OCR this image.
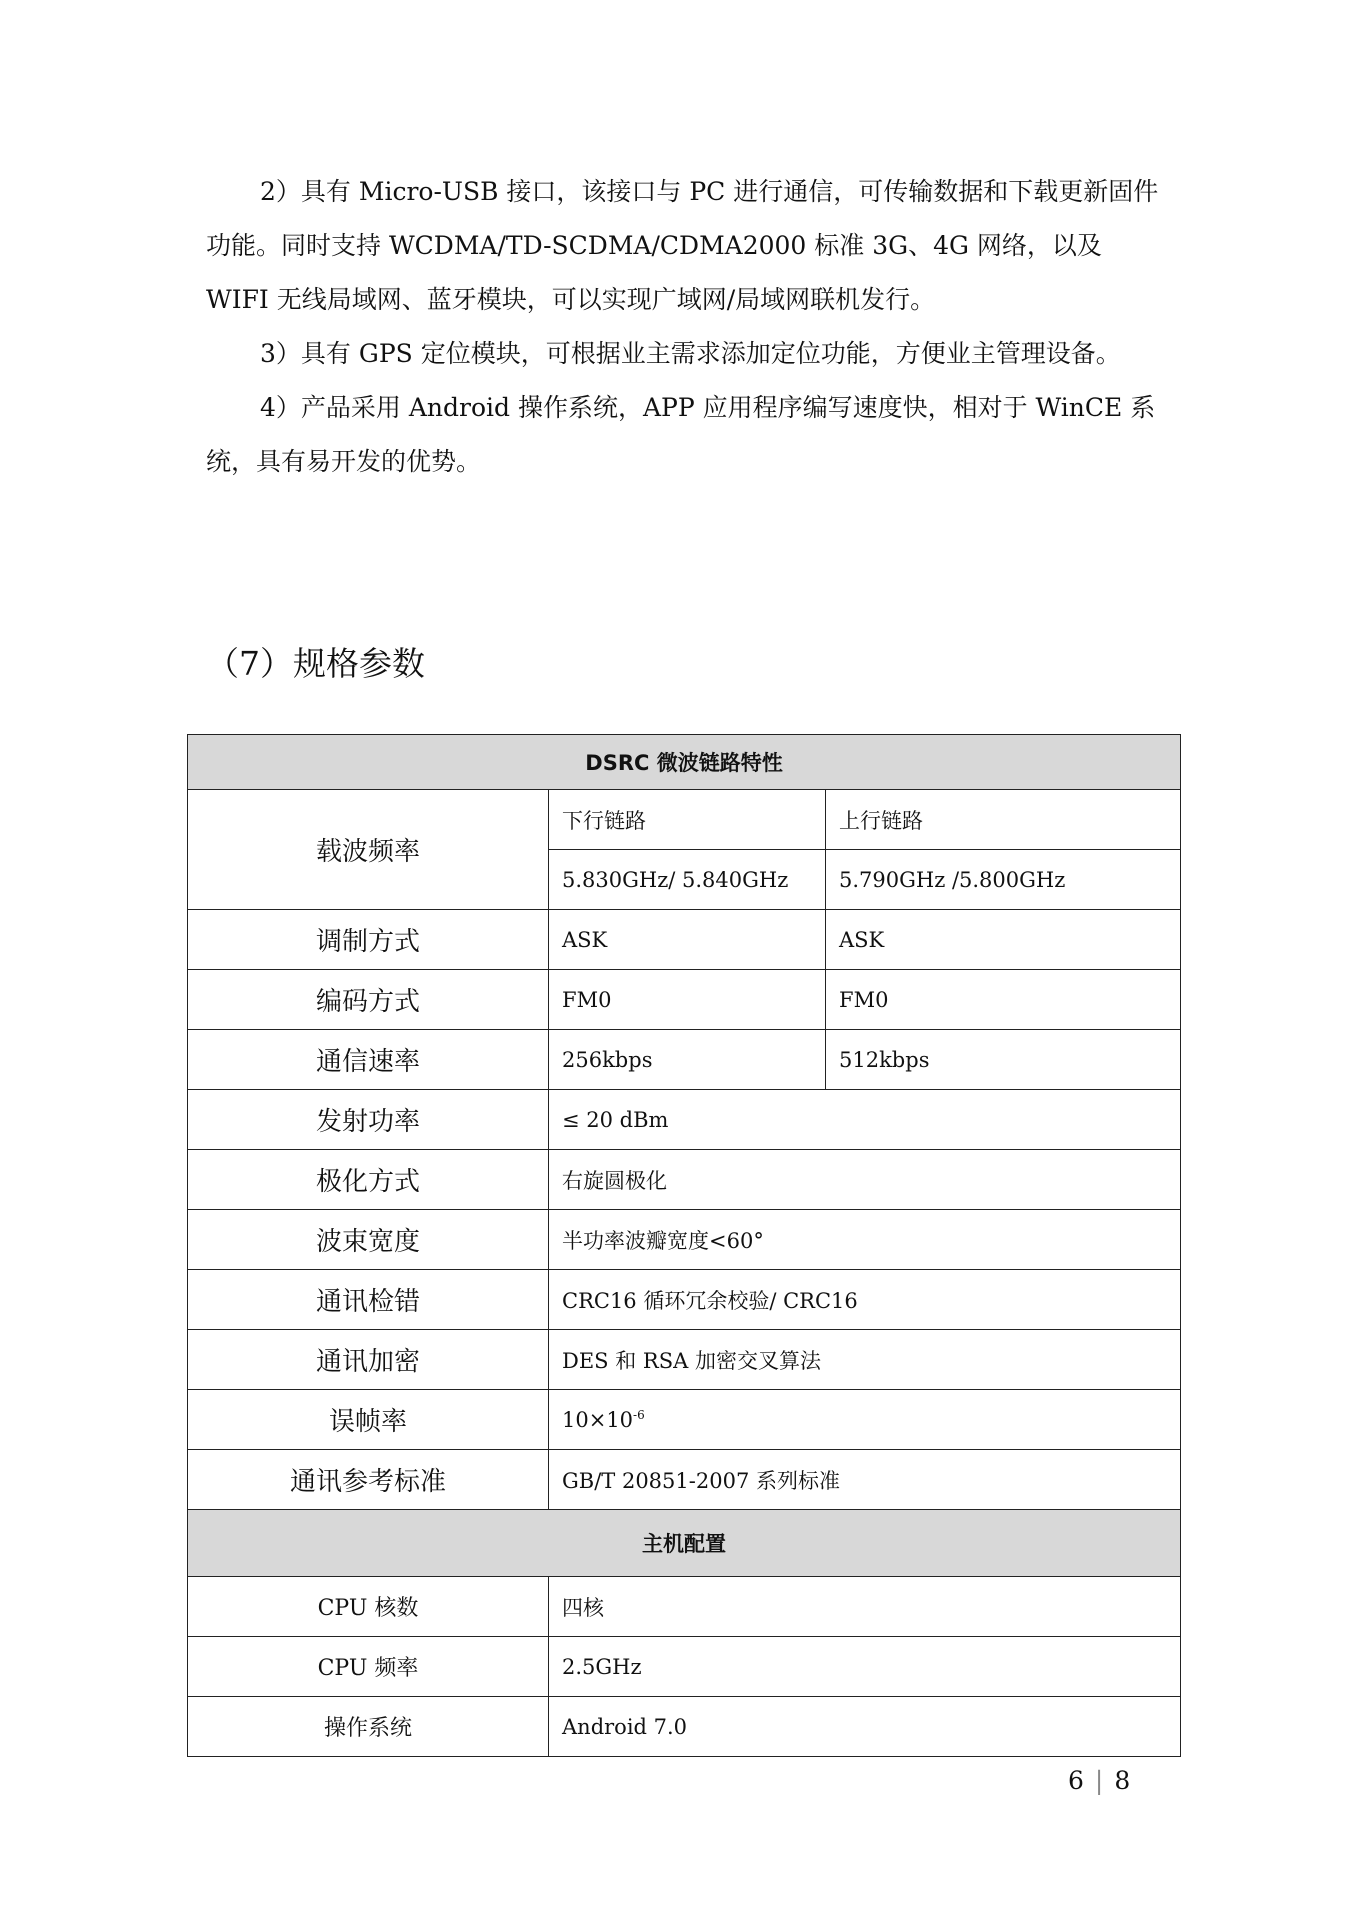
2）具有 Micro-USB 接口，该接口与 PC 进行通信，可传输数据和下载更新固件功能。同时支持 WCDMA/TD-SCDMA/CDMA2000 标准 3G、4G 网络，以及 WIFI 无线局域网、蓝牙模块，可以实现广域网/局域网联机发行。

3）具有 GPS 定位模块，可根据业主需求添加定位功能，方便业主管理设备。

4）产品采用 Android 操作系统，APP 应用程序编写速度快，相对于 WinCE 系统，具有易开发的优势。

（7）规格参数
DSRC 微波链路特性		
载波频率	下行链路	上行链路
	5.830GHz/ 5.840GHz	5.790GHz /5.800GHz
调制方式	ASK	ASK
编码方式	FM0	FM0
通信速率	256kbps	512kbps
发射功率	≤ 20 dBm	
极化方式	右旋圆极化	
波束宽度	半功率波瓣宽度<60°	
通讯检错	CRC16 循环冗余校验/ CRC16	
通讯加密	DES 和 RSA 加密交叉算法	
误帧率	$10\times 10^{-6}$
通讯参考标准	GB/T 20851-2007 系列标准	
主机配置		
CPU 核数	四核	
CPU 频率	2.5GHz	
操作系统	Android 7.0	
6 | 8
